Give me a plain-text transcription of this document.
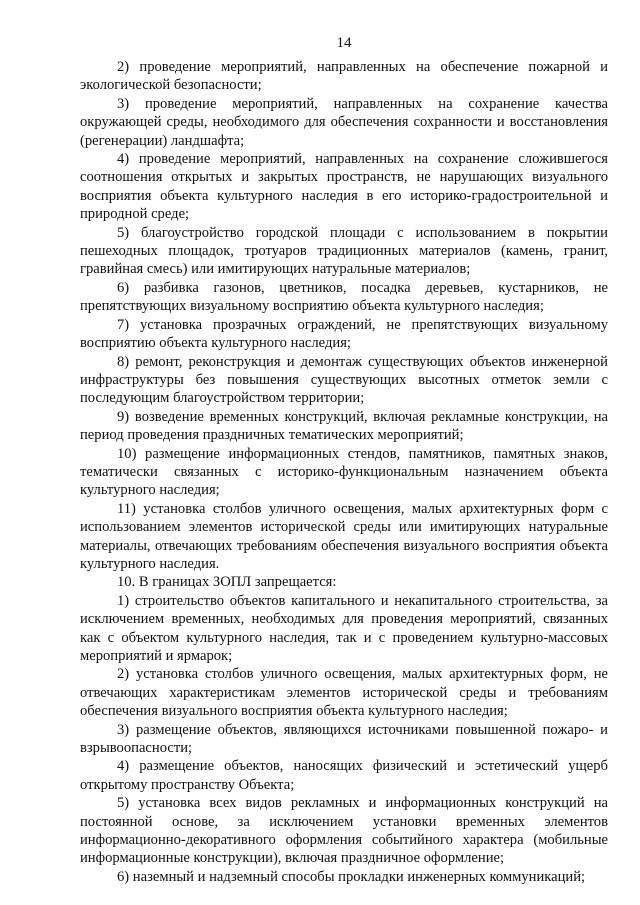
14

2) проведение мероприятий, направленных на обеспечение пожарной и экологической безопасности;

3) проведение мероприятий, направленных на сохранение качества окружающей среды, необходимого для обеспечения сохранности и восстановления (регенерации) ландшафта;

4) проведение мероприятий, направленных на сохранение сложившегося соотношения открытых и закрытых пространств, не нарушающих визуального восприятия объекта культурного наследия в его историко-градостроительной и природной среде;

5) благоустройство городской площади с использованием в покрытии пешеходных площадок, тротуаров традиционных материалов (камень, гранит, гравийная смесь) или имитирующих натуральные материалов;

6) разбивка газонов, цветников, посадка деревьев, кустарников, не препятствующих визуальному восприятию объекта культурного наследия;

7) установка прозрачных ограждений, не препятствующих визуальному восприятию объекта культурного наследия;

8) ремонт, реконструкция и демонтаж существующих объектов инженерной инфраструктуры без повышения существующих высотных отметок земли с последующим благоустройством территории;

9) возведение временных конструкций, включая рекламные конструкции, на период проведения праздничных тематических мероприятий;

10) размещение информационных стендов, памятников, памятных знаков, тематически связанных с историко-функциональным назначением объекта культурного наследия;

11) установка столбов уличного освещения, малых архитектурных форм с использованием элементов исторической среды или имитирующих натуральные материалы, отвечающих требованиям обеспечения визуального восприятия объекта культурного наследия.

10. В границах ЗОПЛ запрещается:

1) строительство объектов капитального и некапитального строительства, за исключением временных, необходимых для проведения мероприятий, связанных как с объектом культурного наследия, так и с проведением культурно-массовых мероприятий и ярмарок;

2) установка столбов уличного освещения, малых архитектурных форм, не отвечающих характеристикам элементов исторической среды и требованиям обеспечения визуального восприятия объекта культурного наследия;

3) размещение объектов, являющихся источниками повышенной пожаро- и взрывоопасности;

4) размещение объектов, наносящих физический и эстетический ущерб открытому пространству Объекта;

5) установка всех видов рекламных и информационных конструкций на постоянной основе, за исключением установки временных элементов информационно-декоративного оформления событийного характера (мобильные информационные конструкции), включая праздничное оформление;

6) наземный и надземный способы прокладки инженерных коммуникаций;
